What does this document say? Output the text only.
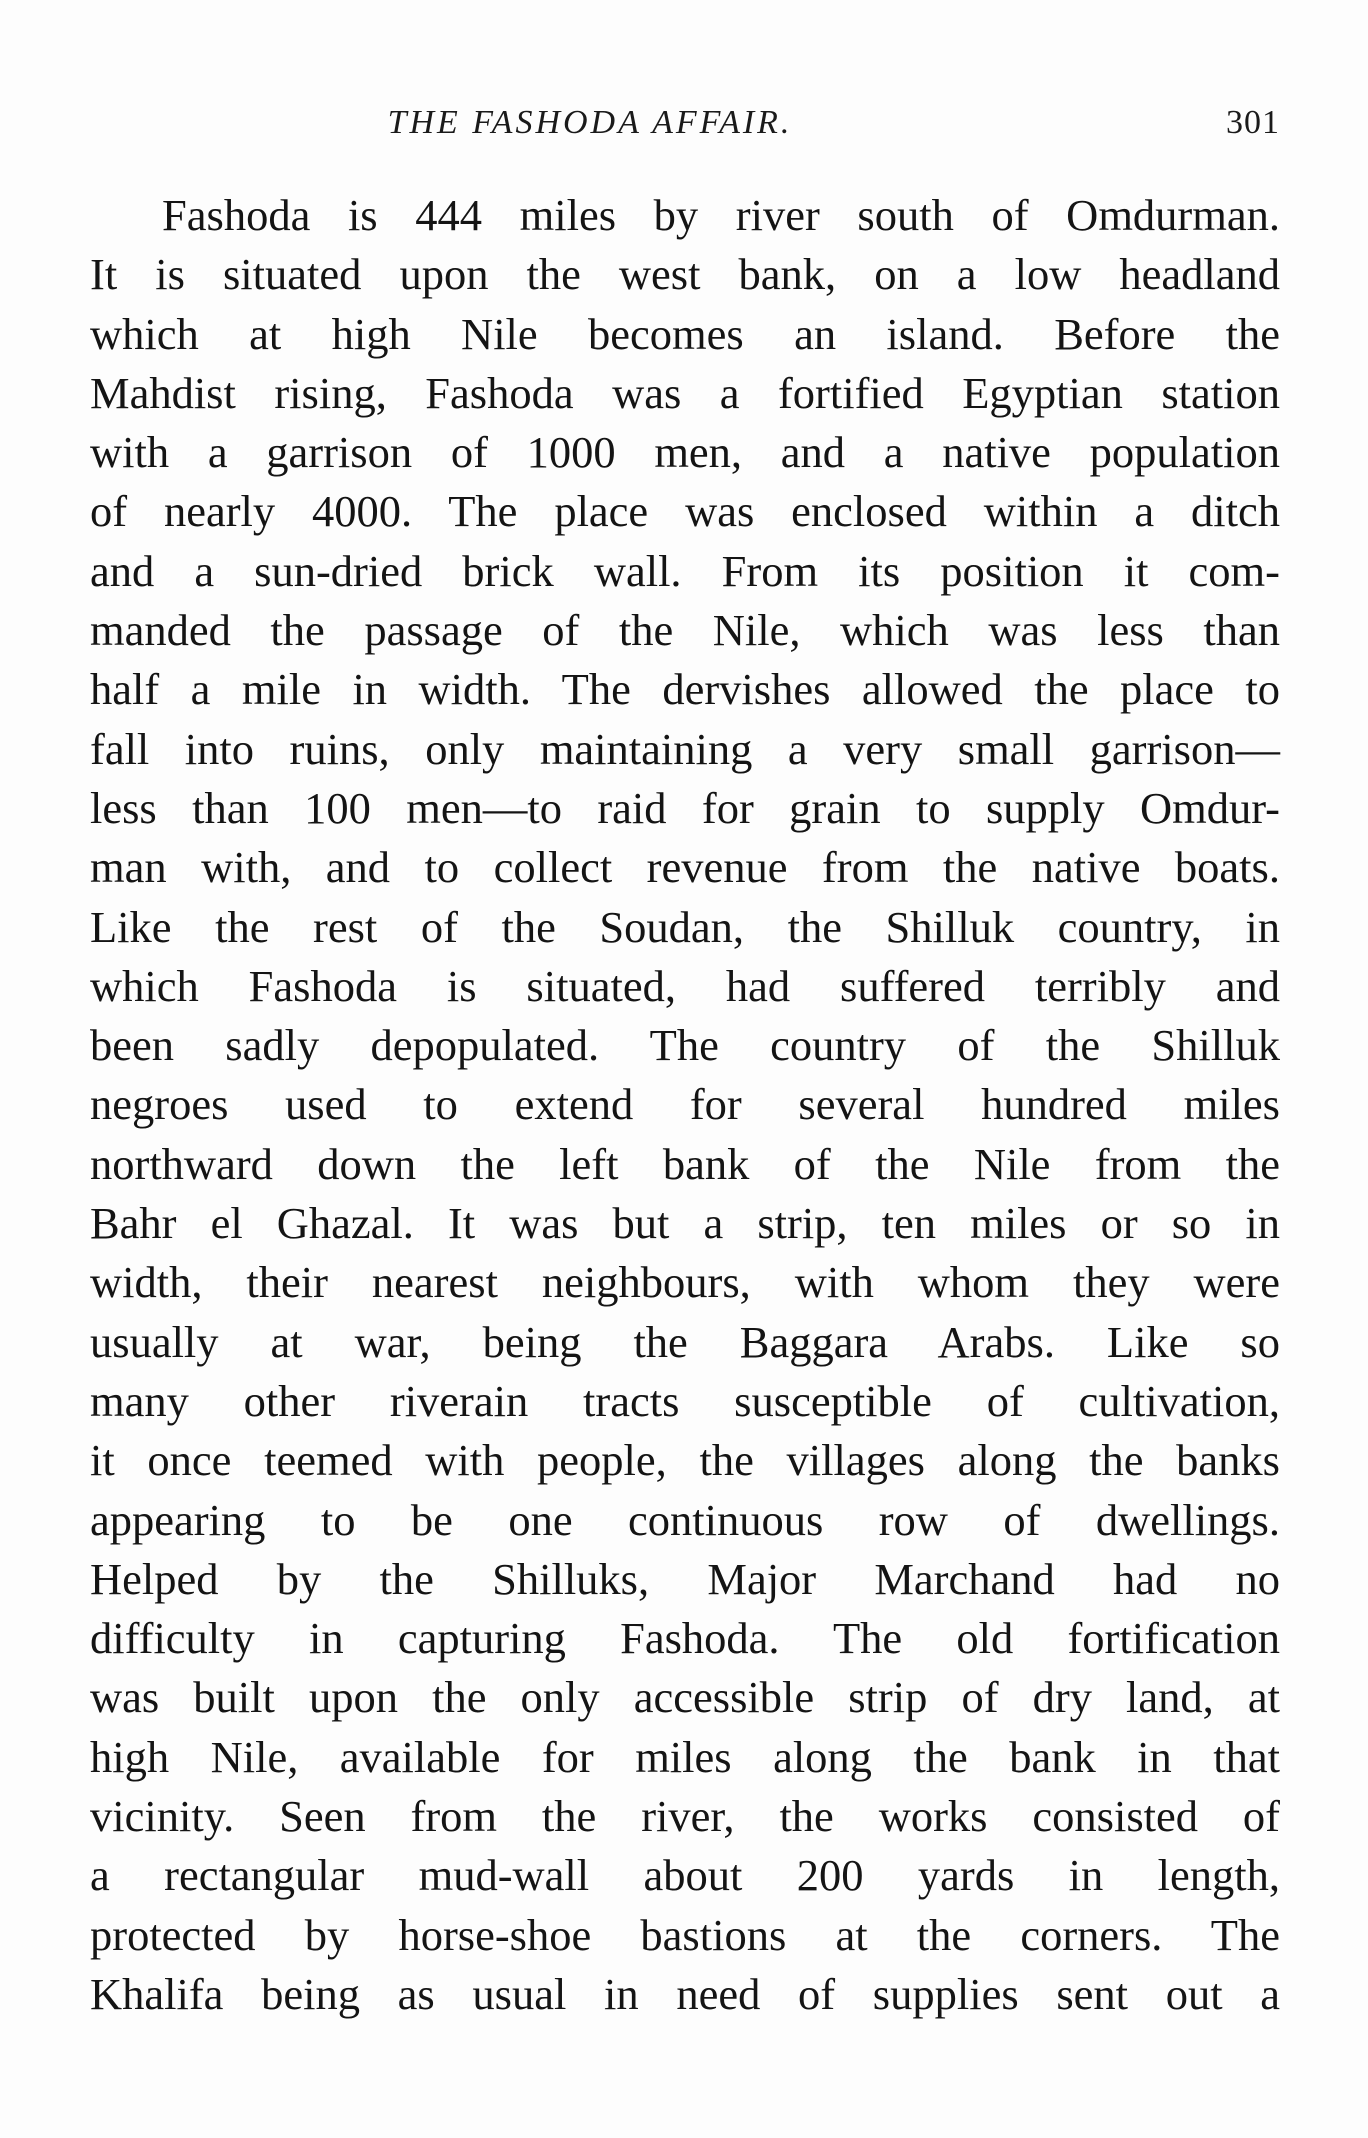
THE FASHODA AFFAIR.	301
Fashoda is 444 miles by river south of Omdurman.
It is situated upon the west bank, on a low headland
which at high Nile becomes an island. Before the
Mahdist rising, Fashoda was a fortified Egyptian station
with a garrison of 1000 men, and a native population
of nearly 4000. The place was enclosed within a ditch
and a sun-dried brick wall. From its position it com-
manded the passage of the Nile, which was less than
half a mile in width. The dervishes allowed the place to
fall into ruins, only maintaining a very small garrison—
less than 100 men—to raid for grain to supply Omdur-
man with, and to collect revenue from the native boats.
Like the rest of the Soudan, the Shilluk country, in
which Fashoda is situated, had suffered terribly and
been sadly depopulated. The country of the Shilluk
negroes used to extend for several hundred miles
northward down the left bank of the Nile from the
Bahr el Ghazal. It was but a strip, ten miles or so in
width, their nearest neighbours, with whom they were
usually at war, being the Baggara Arabs. Like so
many other riverain tracts susceptible of cultivation,
it once teemed with people, the villages along the banks
appearing to be one continuous row of dwellings.
Helped by the Shilluks, Major Marchand had no
difficulty in capturing Fashoda. The old fortification
was built upon the only accessible strip of dry land, at
high Nile, available for miles along the bank in that
vicinity. Seen from the river, the works consisted of
a rectangular mud-wall about 200 yards in length,
protected by horse-shoe bastions at the corners. The
Khalifa being as usual in need of supplies sent out a
